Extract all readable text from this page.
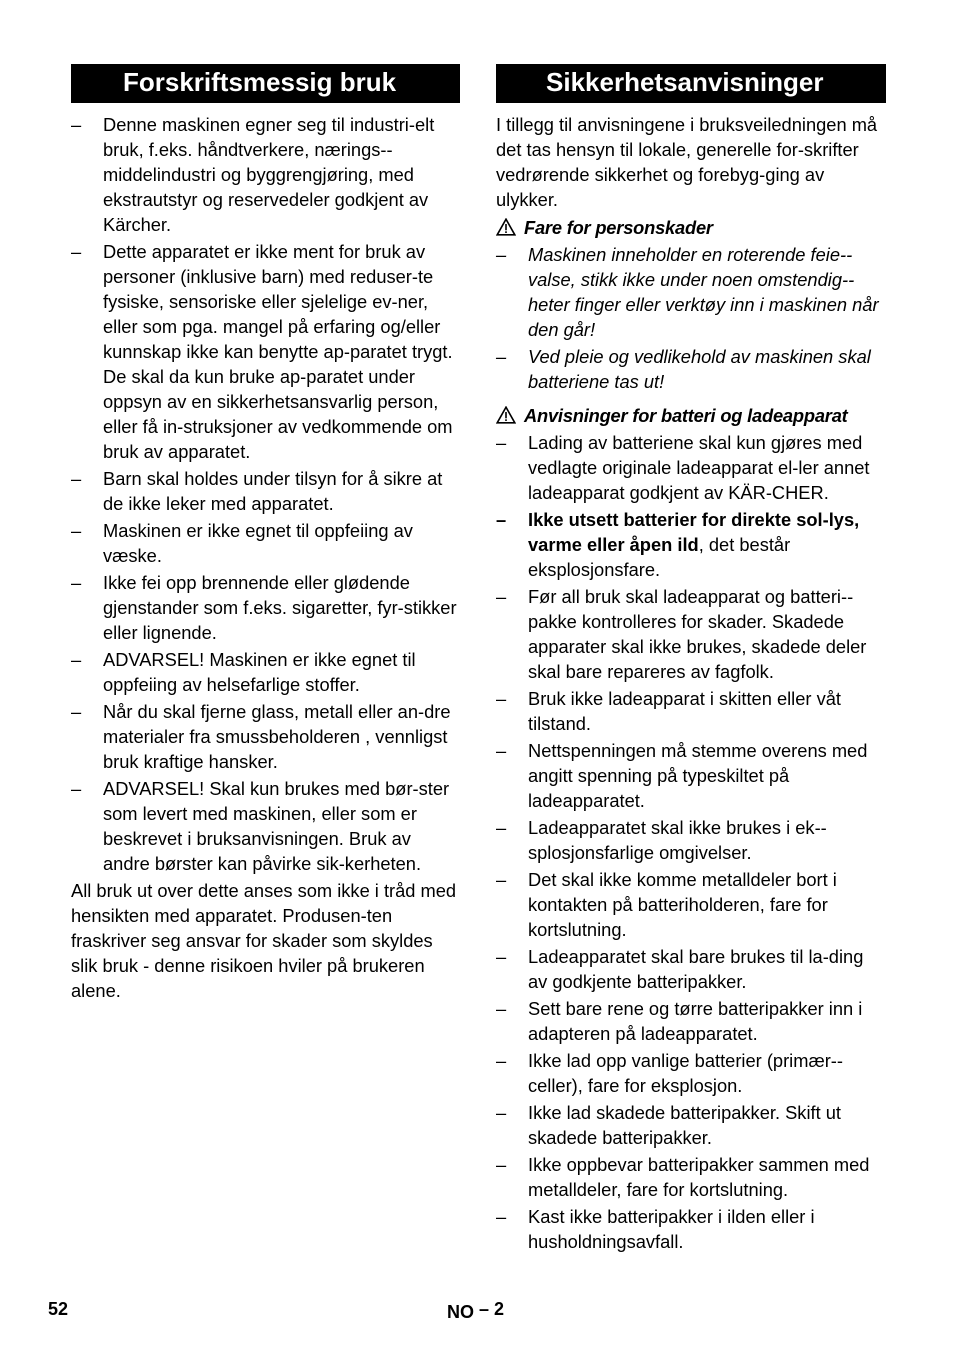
Forskriftsmessig bruk
– Denne maskinen egner seg til industri-elt bruk, f.eks. håndtverkere, nærings-middelindustri og byggrengjøring, med ekstrautstyr og reservedeler godkjent av Kärcher.
– Dette apparatet er ikke ment for bruk av personer (inklusive barn) med reduser-te fysiske, sensoriske eller sjelelige ev-ner, eller som pga. mangel på erfaring og/eller kunnskap ikke kan benytte ap-paratet trygt. De skal da kun bruke ap-paratet under oppsyn av en sikkerhetsansvarlig person, eller få in-struksjoner av vedkommende om bruk av apparatet.
– Barn skal holdes under tilsyn for å sikre at de ikke leker med apparatet.
– Maskinen er ikke egnet til oppfeiing av væske.
– Ikke fei opp brennende eller glødende gjenstander som f.eks. sigaretter, fyr-stikker eller lignende.
– ADVARSEL! Maskinen er ikke egnet til oppfeiing av helsefarlige stoffer.
– Når du skal fjerne glass, metall eller an-dre materialer fra smussbeholderen , vennligst bruk kraftige hansker.
– ADVARSEL! Skal kun brukes med bør-ster som levert med maskinen, eller som er beskrevet i bruksanvisningen. Bruk av andre børster kan påvirke sik-kerheten.

All bruk ut over dette anses som ikke i tråd med hensikten med apparatet. Produsen-ten fraskriver seg ansvar for skader som skyldes slik bruk - denne risikoen hviler på brukeren alene.

Sikkerhetsanvisninger

I tillegg til anvisningene i bruksveiledningen må det tas hensyn til lokale, generelle for-skrifter vedrørende sikkerhet og forebyg-ging av ulykker.

Fare for personskader
– Maskinen inneholder en roterende feie-valse, stikk ikke under noen omstendig-heter finger eller verktøy inn i maskinen når den går!
– Ved pleie og vedlikehold av maskinen skal batteriene tas ut!
Anvisninger for batteri og ladeapparat
– Lading av batteriene skal kun gjøres med vedlagte originale ladeapparat el-ler annet ladeapparat godkjent av KÄR-CHER.
– Ikke utsett batterier for direkte sol-lys, varme eller åpen ild, det består eksplosjonsfare.
– Før all bruk skal ladeapparat og batteri-pakke kontrolleres for skader. Skadede apparater skal ikke brukes, skadede deler skal bare repareres av fagfolk.
– Bruk ikke ladeapparat i skitten eller våt tilstand.
– Nettspenningen må stemme overens med angitt spenning på typeskiltet på ladeapparatet.
– Ladeapparatet skal ikke brukes i ek-splosjonsfarlige omgivelser.
– Det skal ikke komme metalldeler bort i kontakten på batteriholderen, fare for kortslutning.
– Ladeapparatet skal bare brukes til la-ding av godkjente batteripakker.
– Sett bare rene og tørre batteripakker inn i adapteren på ladeapparatet.
– Ikke lad opp vanlige batterier (primær-celler), fare for eksplosjon.
– Ikke lad skadede batteripakker. Skift ut skadede batteripakker.
– Ikke oppbevar batteripakker sammen med metalldeler, fare for kortslutning.
– Kast ikke batteripakker i ilden eller i husholdningsavfall.
52	NO – 2
